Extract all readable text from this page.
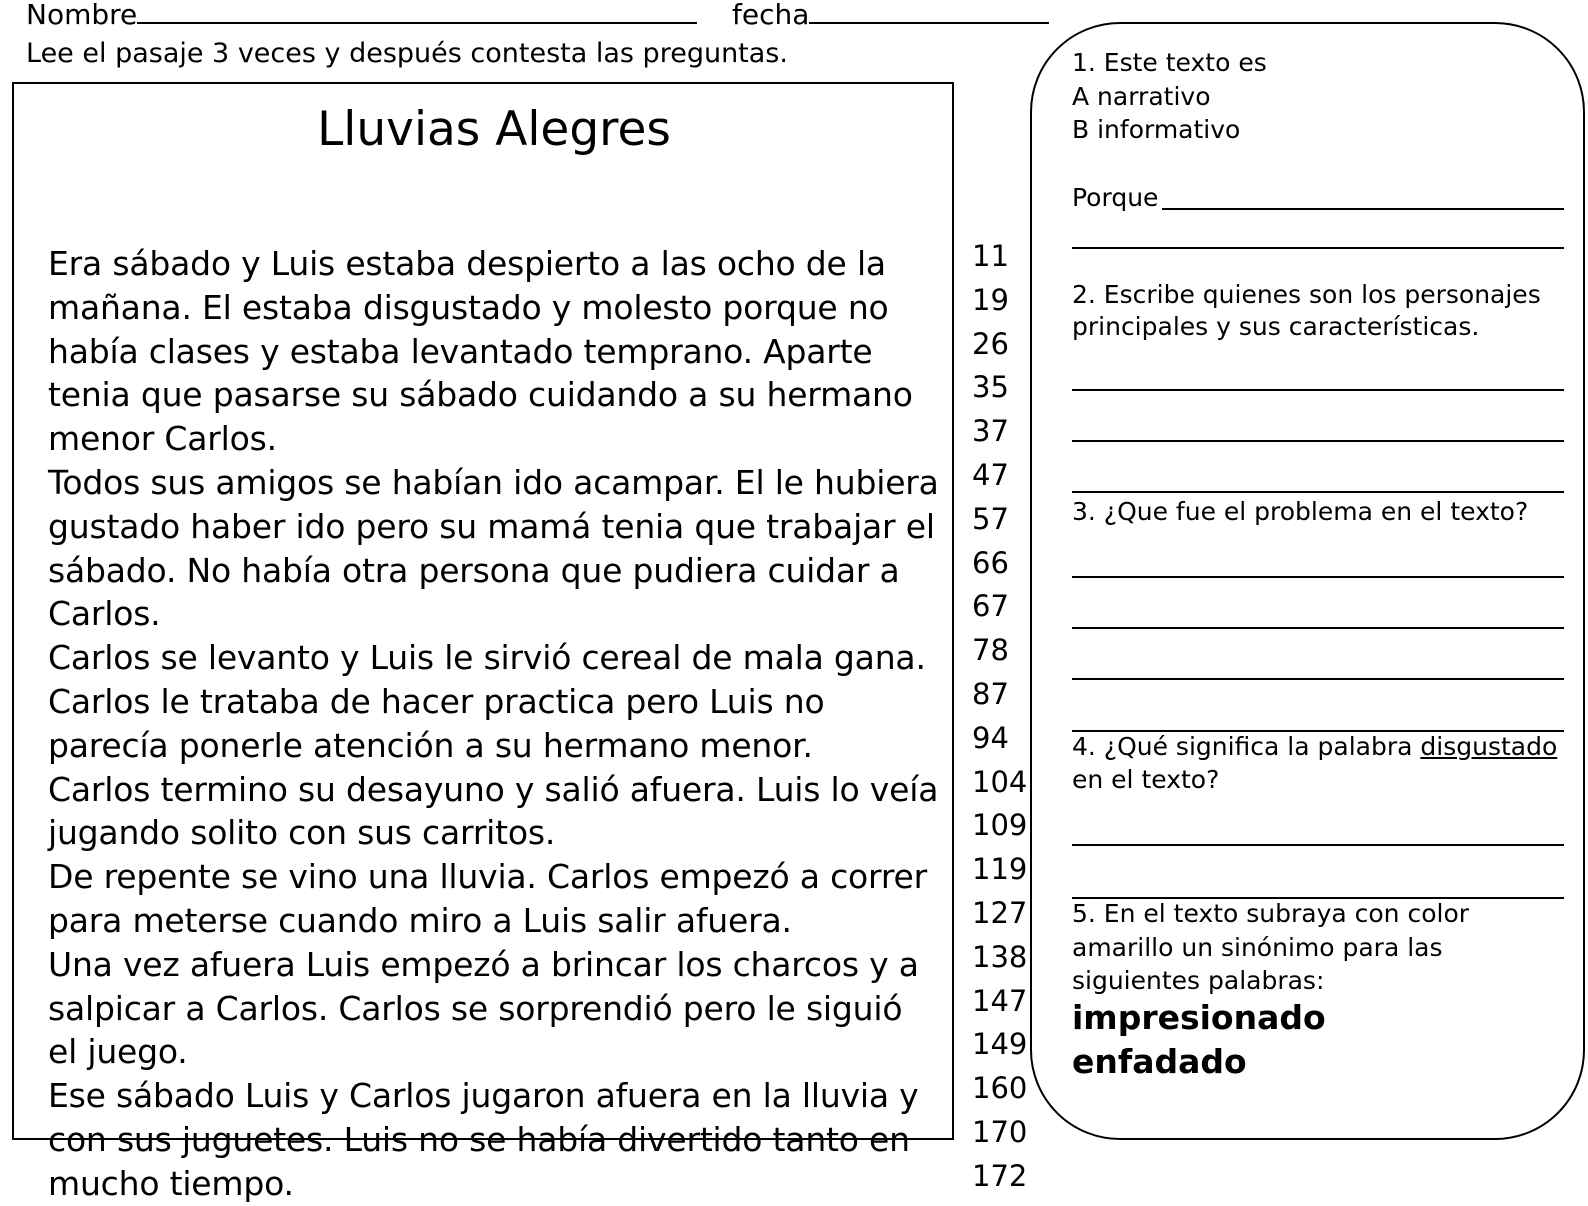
Nombre	fecha
Lee el pasaje 3 veces y después contesta las preguntas.
Lluvias Alegres
Era sábado y Luis estaba despierto a las ocho de la	11
mañana. El estaba disgustado y molesto porque no	19
había clases y estaba levantado temprano. Aparte	26
tenia que pasarse su sábado cuidando a su hermano 35
menor Carlos.	37
Todos sus amigos se habían ido acampar. El le hubiera 47
gustado haber ido pero su mamá tenia que trabajar el 57
sábado. No había otra persona que pudiera cuidar a 66
Carlos.	67
Carlos se levanto y Luis le sirvió cereal de mala gana. 78
Carlos le trataba de hacer practica pero Luis no	87
parecía ponerle atención a su hermano menor.	94
Carlos termino su desayuno y salió afuera. Luis lo veía 104
jugando solito con sus carritos.	109
De repente se vino una lluvia. Carlos empezó a correr 119
para meterse cuando miro a Luis salir afuera.	127
Una vez afuera Luis empezó a brincar los charcos y a 138
salpicar a Carlos. Carlos se sorprendió pero le siguió 147
el juego.	149
Ese sábado Luis y Carlos jugaron afuera en la lluvia y 160
con sus juguetes. Luis no se había divertido tanto en 170
mucho tiempo.	172
1. Este texto es
A narrativo
B informativo
Porque
2. Escribe quienes son los personajes
principales y sus características.
3. ¿Que fue el problema en el texto?
4. ¿Qué significa la palabra disgustado
en el texto?
5. En el texto subraya con color
amarillo un sinónimo para las
siguientes palabras:
impresionado
enfadado
